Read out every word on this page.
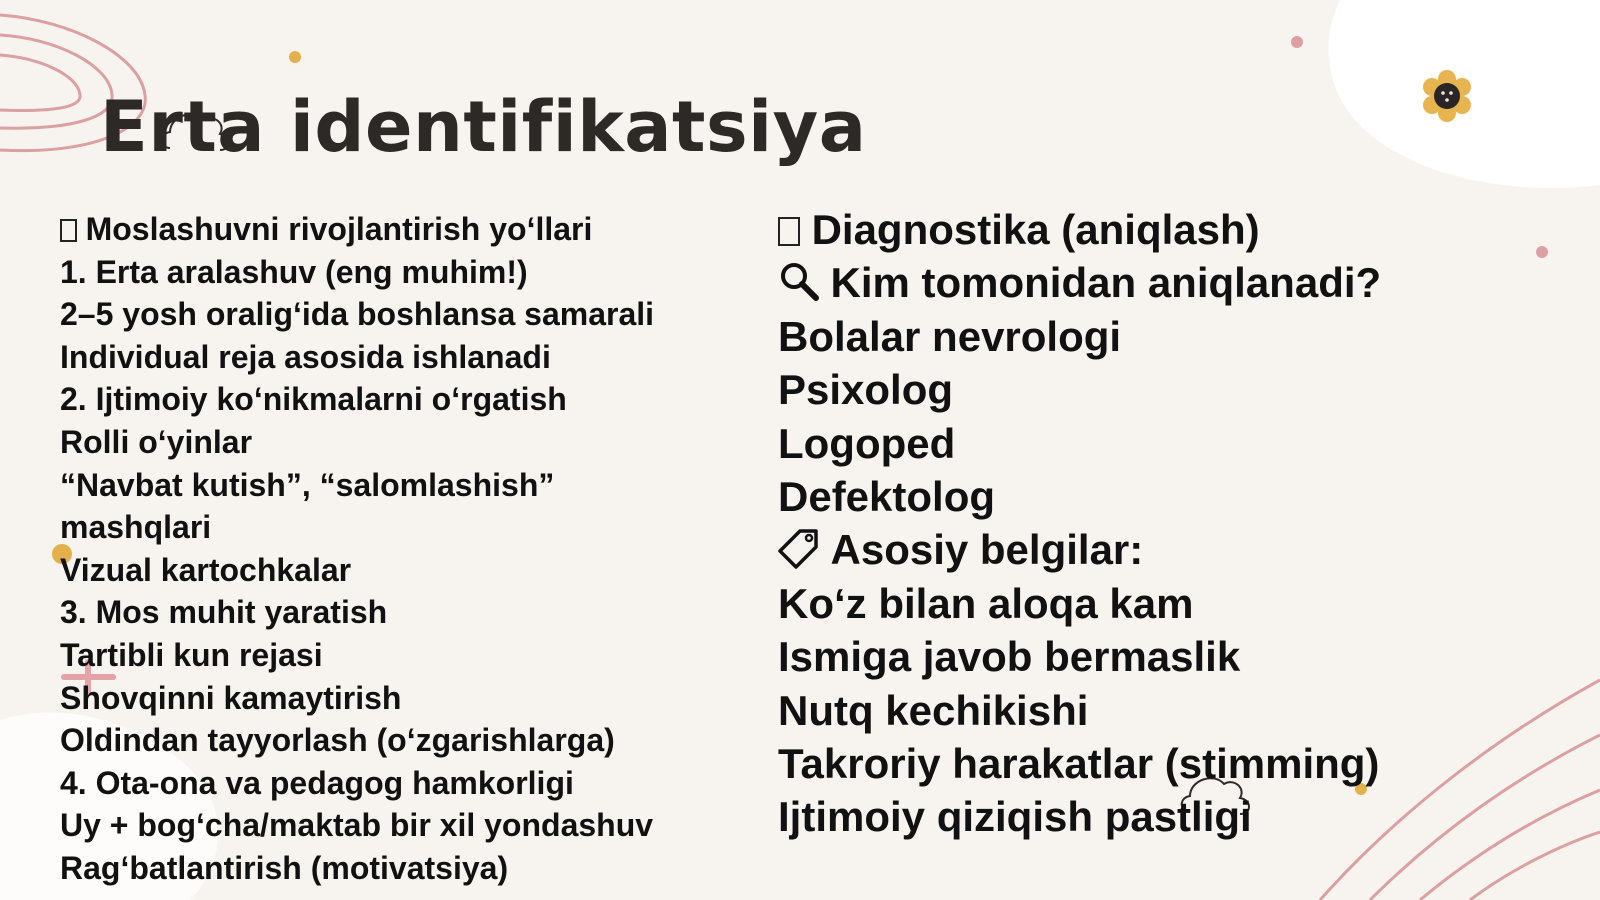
Erta identifikatsiya
Moslashuvni rivojlantirish yo‘llari
1. Erta aralashuv (eng muhim!)
2–5 yosh oralig‘ida boshlansa samarali
Individual reja asosida ishlanadi
2. Ijtimoiy ko‘nikmalarni o‘rgatish
Rolli o‘yinlar
“Navbat kutish”, “salomlashish”
mashqlari
Vizual kartochkalar
3. Mos muhit yaratish
Tartibli kun rejasi
Shovqinni kamaytirish
Oldindan tayyorlash (o‘zgarishlarga)
4. Ota-ona va pedagog hamkorligi
Uy + bog‘cha/maktab bir xil yondashuv
Rag‘batlantirish (motivatsiya)
Diagnostika (aniqlash)
Kim tomonidan aniqlanadi?
Bolalar nevrologi
Psixolog
Logoped
Defektolog
Asosiy belgilar:
Ko‘z bilan aloqa kam
Ismiga javob bermaslik
Nutq kechikishi
Takroriy harakatlar (stimming)
Ijtimoiy qiziqish pastligi
